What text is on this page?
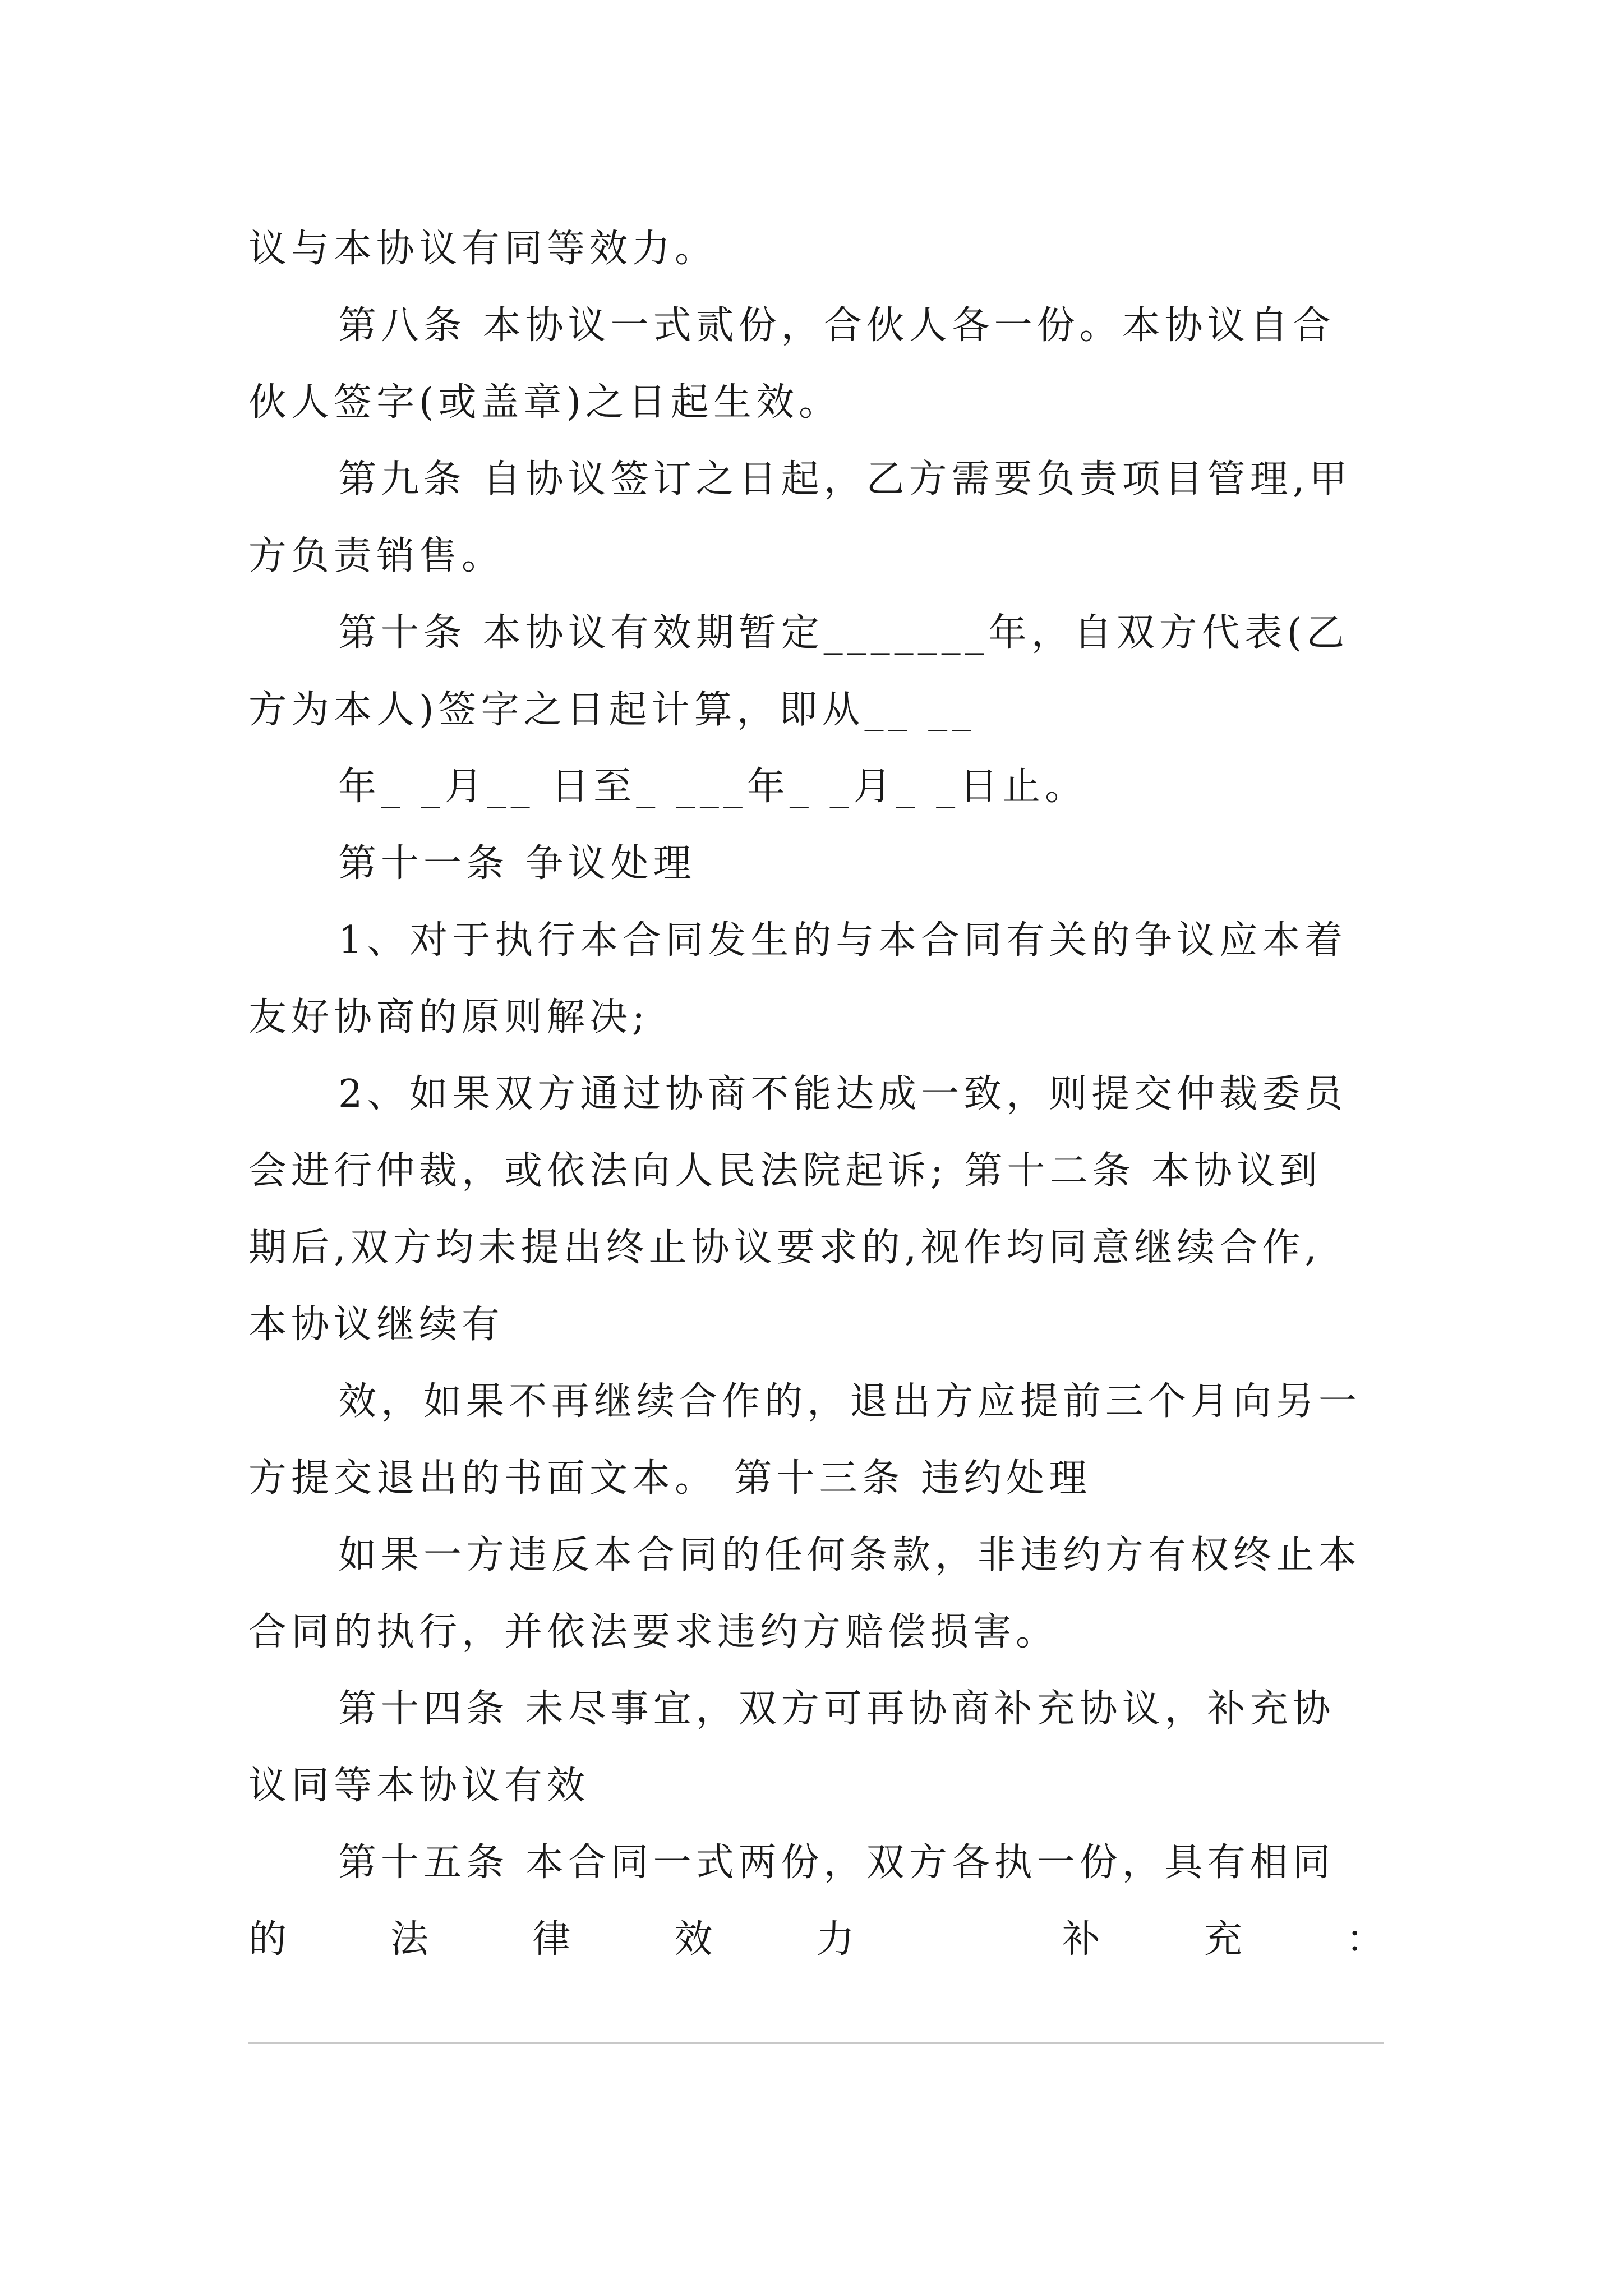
议与本协议有同等效力。
第八条 本协议一式贰份，合伙人各一份。本协议自合
伙人签字(或盖章)之日起生效。
第九条 自协议签订之日起，乙方需要负责项目管理,甲
方负责销售。
第十条 本协议有效期暂定_______年，自双方代表(乙
方为本人)签字之日起计算，即从__ __
年_ _月__ 日至_ ___年_ _月_ _日止。
第十一条 争议处理
1、对于执行本合同发生的与本合同有关的争议应本着
友好协商的原则解决;
2、如果双方通过协商不能达成一致，则提交仲裁委员
会进行仲裁，或依法向人民法院起诉; 第十二条 本协议到
期后,双方均未提出终止协议要求的,视作均同意继续合作,
本协议继续有
效，如果不再继续合作的，退出方应提前三个月向另一
方提交退出的书面文本。 第十三条 违约处理
如果一方违反本合同的任何条款，非违约方有权终止本
合同的执行，并依法要求违约方赔偿损害。
第十四条 未尽事宜，双方可再协商补充协议，补充协
议同等本协议有效
第十五条 本合同一式两份，双方各执一份，具有相同
的	法	律	效	力	补	充	：
